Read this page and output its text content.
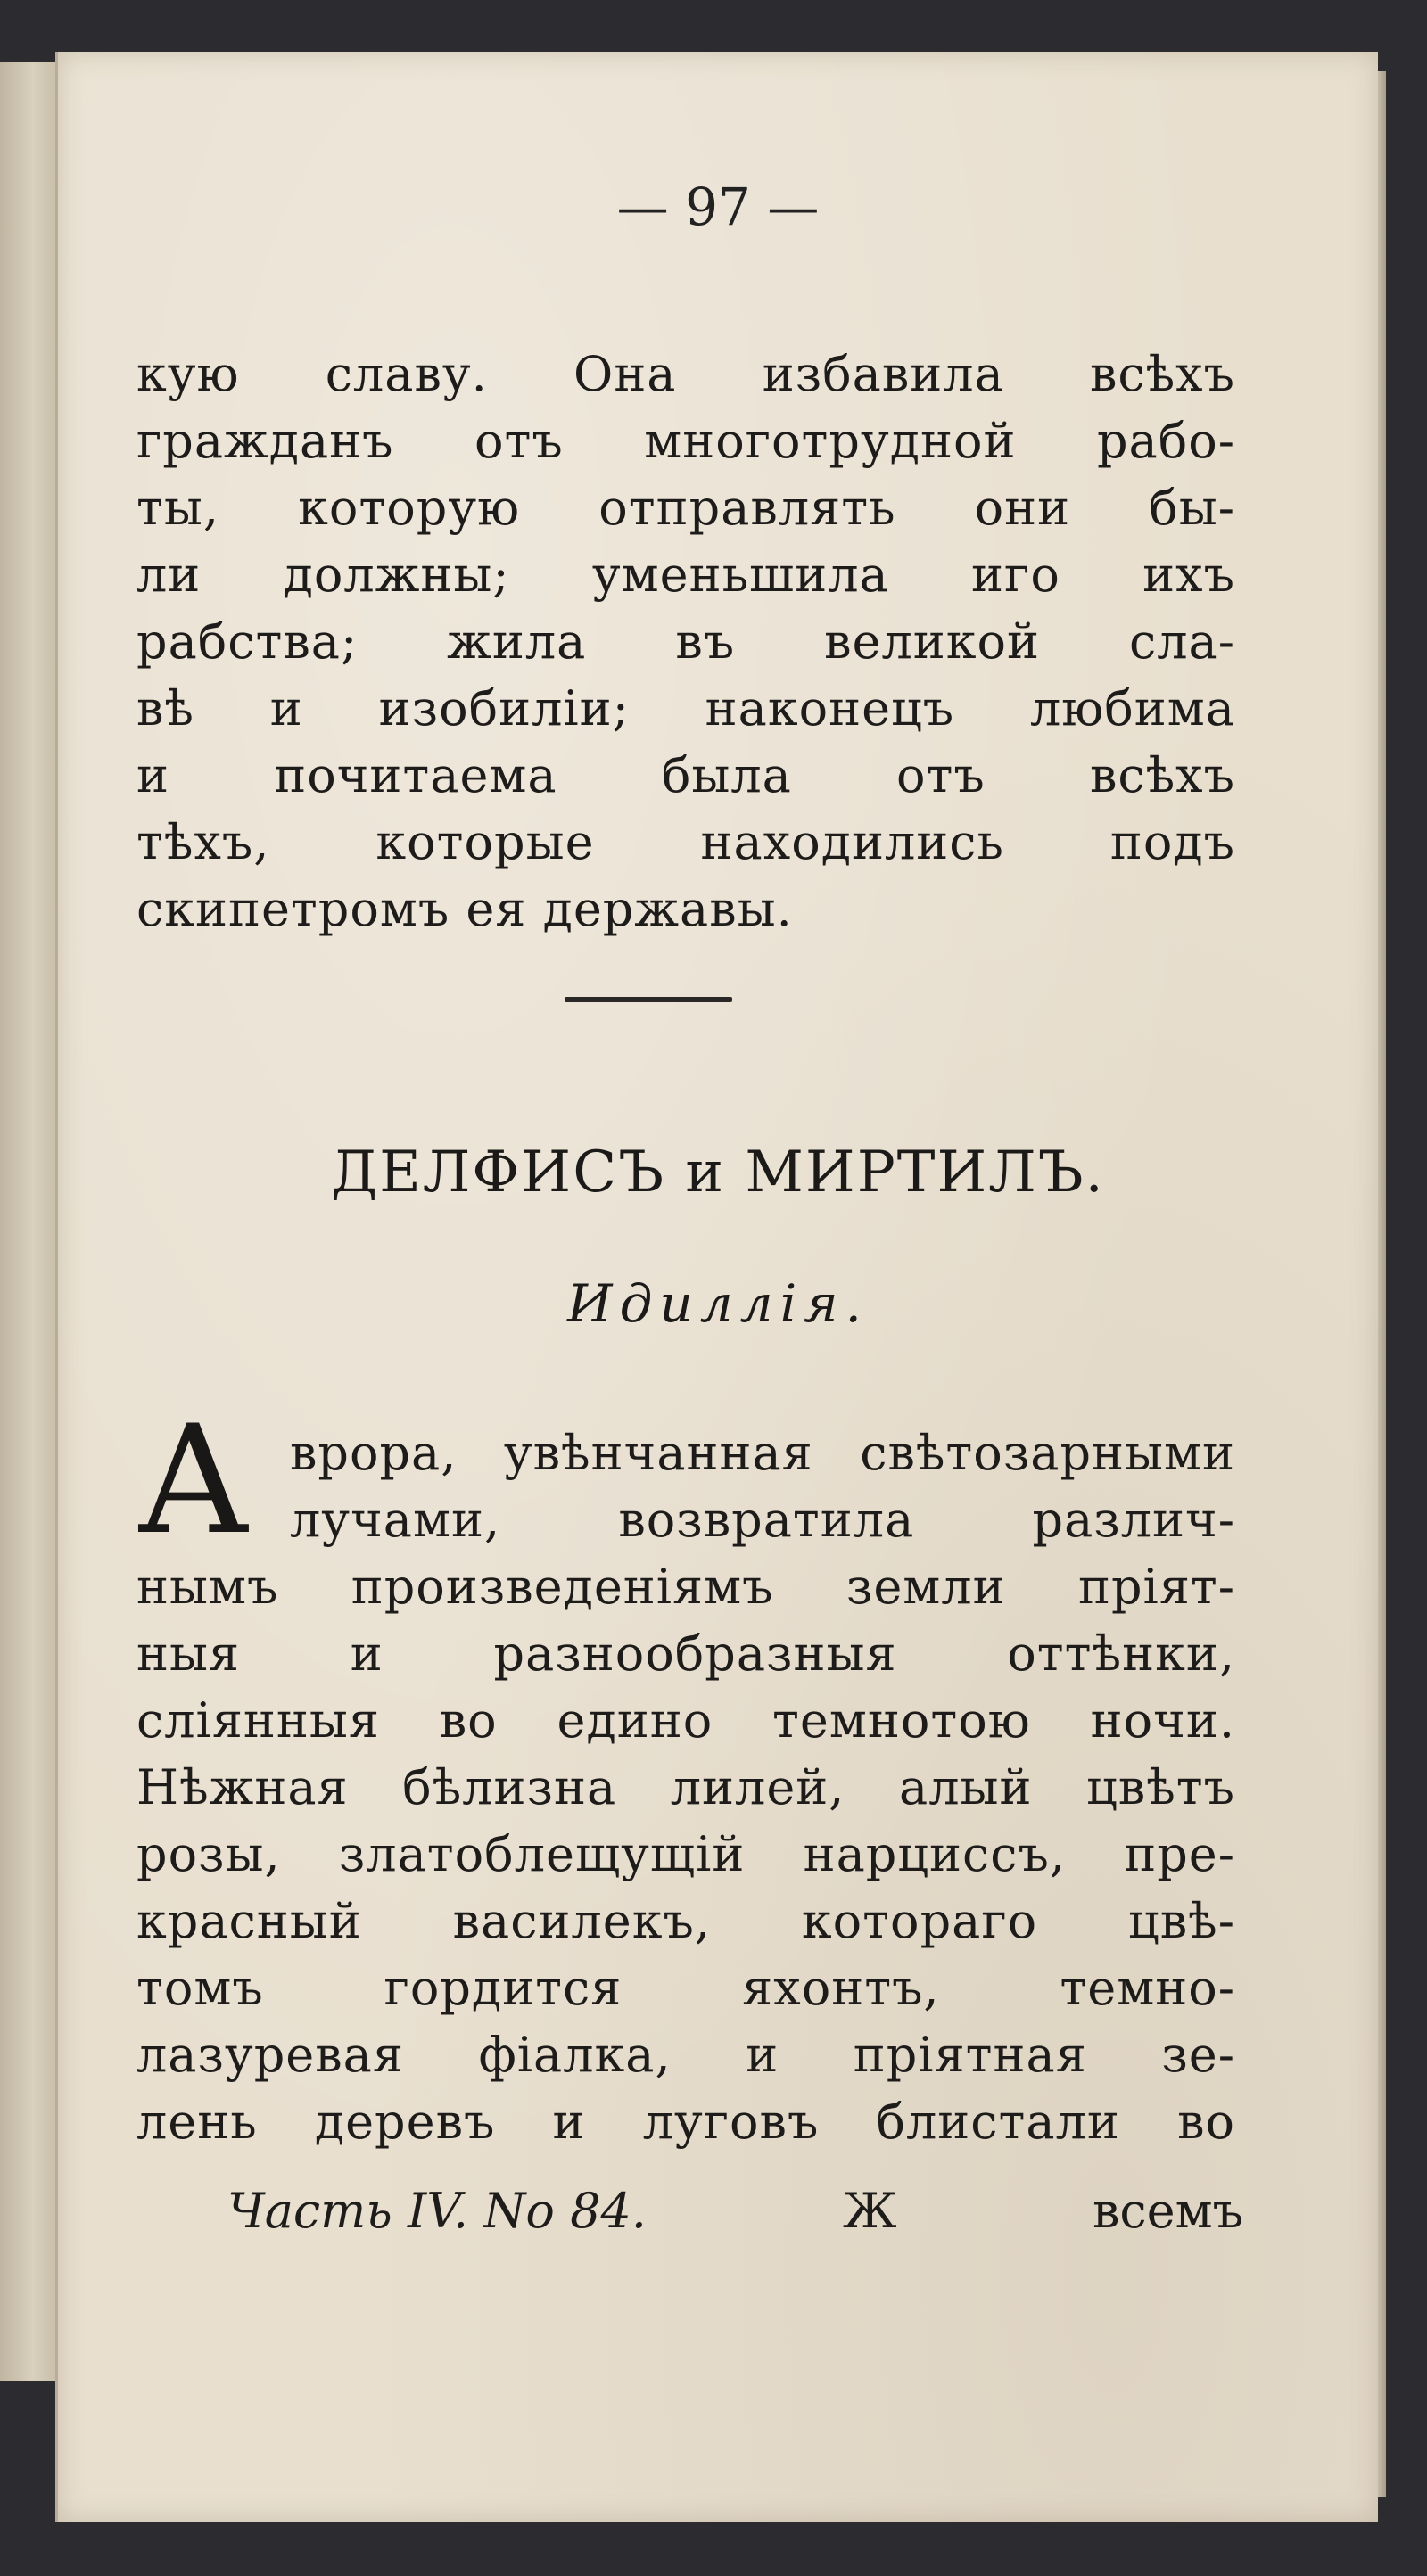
— 97 —
кую славу. Она избавила всѣхъ
гражданъ отъ многотрудной рабо-
ты, которую отправлять они бы-
ли должны; уменьшила иго ихъ
рабства; жила въ великой сла-
вѣ и изобиліи; наконецъ любима
и почитаема была отъ всѣхъ
тѣхъ, которые находились подъ
скипетромъ ея державы.
ДЕЛФИСЪ и МИРТИЛЪ.
Идиллія.
А врора, увѣнчанная свѣтозарными
лучами, возвратила различ-
нымъ произведеніямъ земли пріят-
ныя и разнообразныя оттѣнки,
сліянныя во едино темнотою ночи.
Нѣжная бѣлизна лилей, алый цвѣтъ
розы, златоблещущій нарциссъ, пре-
красный василекъ, котораго цвѣ-
томъ гордится яхонтъ, темно-
лазуревая фіалка, и пріятная зе-
лень деревъ и луговъ блистали во
Часть IV. No 84.	Ж	всемъ
